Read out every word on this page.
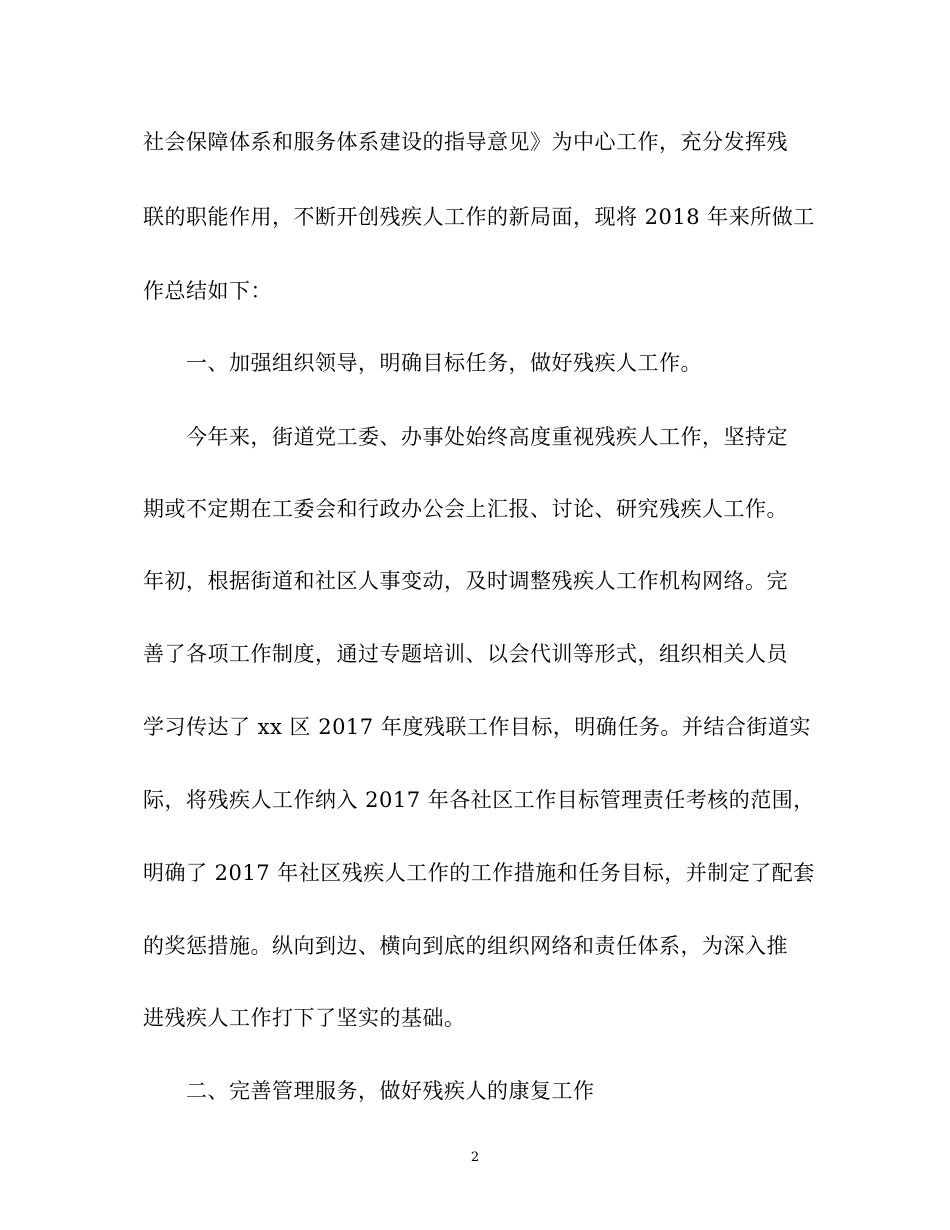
社会保障体系和服务体系建设的指导意见》为中心工作，充分发挥残
联的职能作用，不断开创残疾人工作的新局面，现将 2018 年来所做工
作总结如下：
一、加强组织领导，明确目标任务，做好残疾人工作。
今年来，街道党工委、办事处始终高度重视残疾人工作，坚持定
期或不定期在工委会和行政办公会上汇报、讨论、研究残疾人工作。
年初，根据街道和社区人事变动，及时调整残疾人工作机构网络。完
善了各项工作制度，通过专题培训、以会代训等形式，组织相关人员
学习传达了 xx 区 2017 年度残联工作目标，明确任务。并结合街道实
际，将残疾人工作纳入 2017 年各社区工作目标管理责任考核的范围，
明确了 2017 年社区残疾人工作的工作措施和任务目标，并制定了配套
的奖惩措施。纵向到边、横向到底的组织网络和责任体系，为深入推
进残疾人工作打下了坚实的基础。
二、完善管理服务，做好残疾人的康复工作
2
